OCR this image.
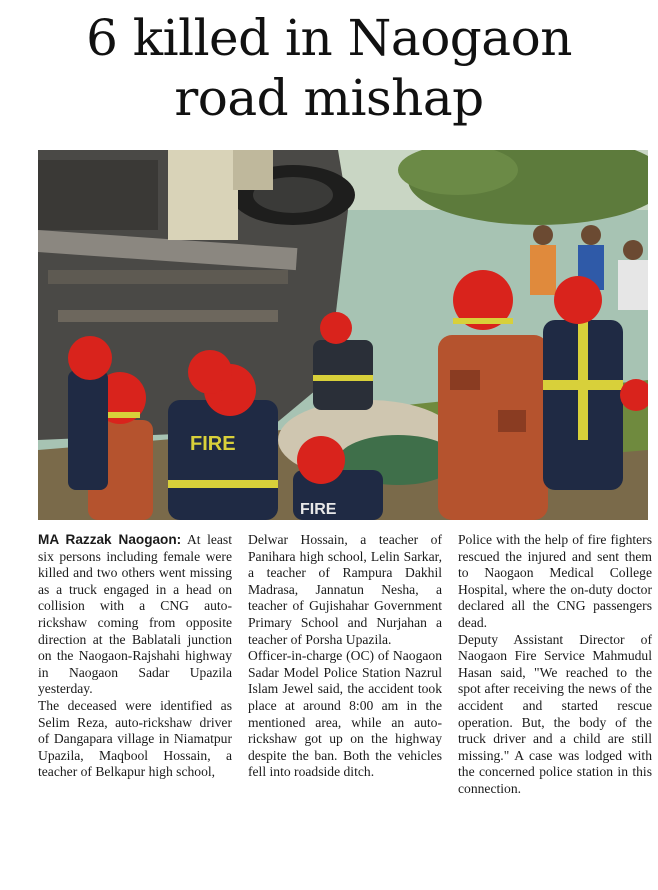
6 killed in Naogaon
road mishap
FIRE
FIRE

MA Razzak Naogaon: At least six persons including female were killed and two others went missing as a truck engaged in a head on collision with a CNG auto-rickshaw coming from opposite direction at the Bablatali junction on the Naogaon-Rajshahi highway in Naogaon Sadar Upazila yesterday.

The deceased were identified as Selim Reza, auto-rickshaw driver of Dangapara village in Niamatpur Upazila, Maqbool Hossain, a teacher of Belkapur high school,

Delwar Hossain, a teacher of Panihara high school, Lelin Sarkar, a teacher of Rampura Dakhil Madrasa, Jannatun Nesha, a teacher of Gujishahar Government Primary School and Nurjahan a teacher of Porsha Upazila.

Officer-in-charge (OC) of Naogaon Sadar Model Police Station Nazrul Islam Jewel said, the accident took place at around 8:00 am in the mentioned area, while an auto-rickshaw got up on the highway despite the ban. Both the vehicles fell into roadside ditch.

Police with the help of fire fighters rescued the injured and sent them to Naogaon Medical College Hospital, where the on-duty doctor declared all the CNG passengers dead.

Deputy Assistant Director of Naogaon Fire Service Mahmudul Hasan said, "We reached to the spot after receiving the news of the accident and started rescue operation. But, the body of the truck driver and a child are still missing." A case was lodged with the concerned police station in this connection.
